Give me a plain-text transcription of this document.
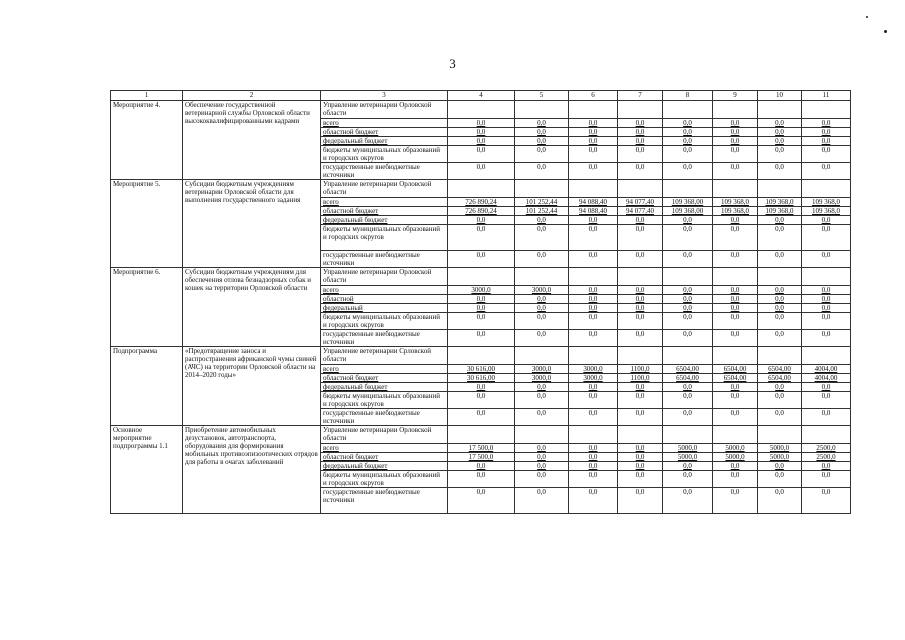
3
1	2	3	4	5	6	7	8	9	10	11
Мероприятие 4.	Обеспечение государственной ветеринарной службы Орловской области высококвалифицированными кадрами	Управление ветеринарии Орловской области								
		всего	0,0	0,0	0,0	0,0	0,0	0,0	0,0	0,0
		областной бюджет	0,0	0,0	0,0	0,0	0,0	0,0	0,0	0,0
		федеральный бюджет	0,0	0,0	0,0	0,0	0,0	0,0	0,0	0,0
		бюджеты муниципальных образований и городских округов	0,0	0,0	0,0	0,0	0,0	0,0	0,0	0,0
		государственные внебюджетные источники	0,0	0,0	0,0	0,0	0,0	0,0	0,0	0,0
Мероприятие 5.	Субсидии бюджетным учреждениям ветеринарии Орловской области для выполнения государственного задания	Управление ветеринарии Орловской области								
		всего	726 890,24	101 252,44	94 088,40	94 077,40	109 368,00	109 368,0	109 368,0	109 368,0
		областной бюджет	726 890,24	101 252,44	94 088,40	94 077,40	109 368,00	109 368,0	109 368,0	109 368,0
		федеральный бюджет	0,0	0,0	0,0	0,0	0,0	0,0	0,0	0,0
		бюджеты муниципальных образований и городских округов	0,0	0,0	0,0	0,0	0,0	0,0	0,0	0,0
		государственные внебюджетные источники	0,0	0,0	0,0	0,0	0,0	0,0	0,0	0,0
Мероприятие 6.	Субсидии бюджетным учреждениям для обеспечения отлова безнадзорных собак и кошек на территории Орловской области	Управление ветеринарии Орловской области								
		всего	3000,0	3000,0	0,0	0,0	0,0	0,0	0,0	0,0
		областной	0,0	0,0	0,0	0,0	0,0	0,0	0,0	0,0
		федеральный	0,0	0,0	0,0	0,0	0,0	0,0	0,0	0,0
		бюджеты муниципальных образований и городских округов	0,0	0,0	0,0	0,0	0,0	0,0	0,0	0,0
		государственные внебюджетные источники	0,0	0,0	0,0	0,0	0,0	0,0	0,0	0,0
Подпрограмма	«Предотвращение заноса и распространения африканской чумы свиней (АЧС) на территории Орловской области на 2014–2020 годы»	Управление ветеринарии Срловской области								
		всего	30 616,00	3000,0	3000,0	1100,0	6504,00	6504,00	6504,00	4004,00
		областной бюджет	30 616,00	3000,0	3000,0	1100,0	6504,00	6504,00	6504,00	4004,00
		федеральный бюджет	0,0	0,0	0,0	0,0	0,0	0,0	0,0	0,0
		бюджеты муниципальных образований и городских округов	0,0	0,0	0,0	0,0	0,0	0,0	0,0	0,0
		государственные внебюджетные источники	0,0	0,0	0,0	0,0	0,0	0,0	0,0	0,0
Основное мероприятие подпрограммы 1.1	Приобретение автомобильных дезустановок, автотранспорта, оборудования для формирования мобильных противоэпизоотических отрядов для работы в очагах заболеваний	Управление ветеринарии Орловской области								
		всего	17 500,0	0,0	0,0	0,0	5000,0	5000,0	5000,0	2500,0
		областной бюджет	17 500,0	0,0	0,0	0,0	5000,0	5000,0	5000,0	2500,0
		федеральный бюджет	0,0	0,0	0,0	0,0	0,0	0,0	0,0	0,0
		бюджеты муниципальных образований и городских округов	0,0	0,0	0,0	0,0	0,0	0,0	0,0	0,0
		государственные внебюджетные источники	0,0	0,0	0,0	0,0	0,0	0,0	0,0	0,0
